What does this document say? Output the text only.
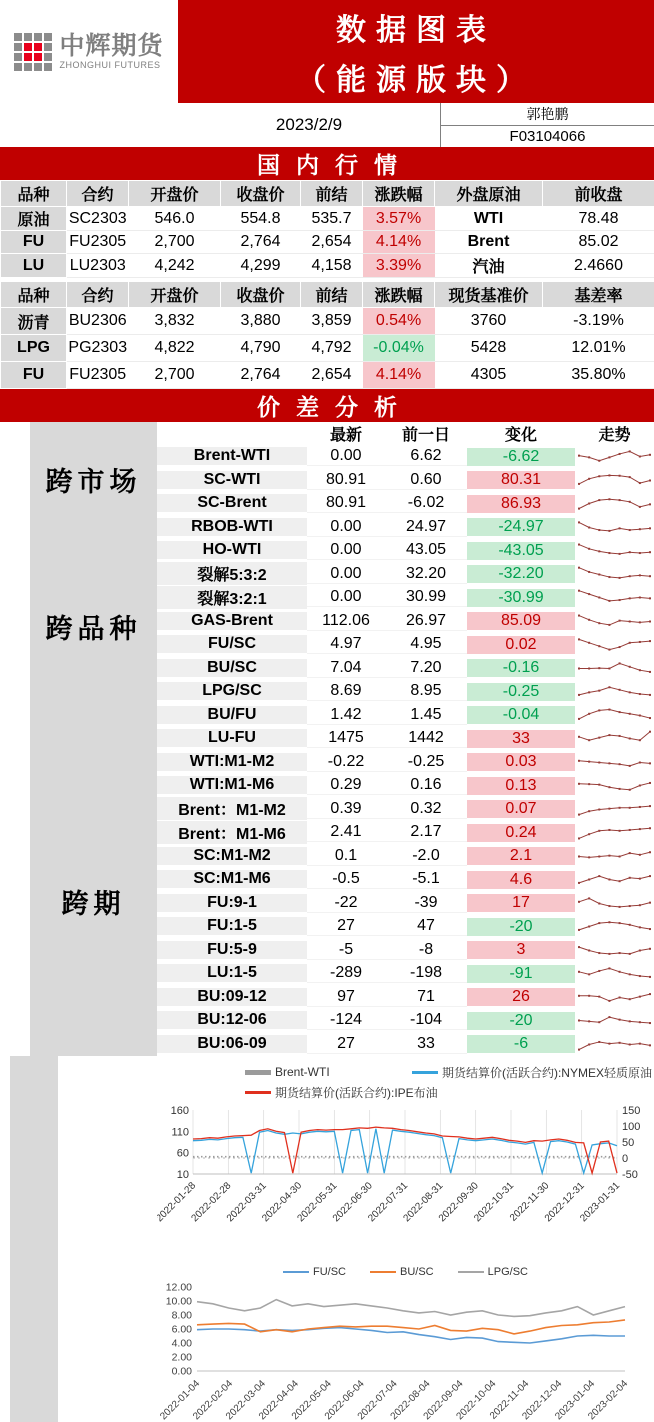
中辉期货
ZHONGHUI FUTURES
数据图表
（能源版块）
2023/2/9
郭艳鹏
F03104066
国内行情
品种	合约	开盘价	收盘价	前结	涨跌幅	外盘原油	前收盘
原油	SC2303	546.0	554.8	535.7	3.57%	WTI	78.48
FU	FU2305	2,700	2,764	2,654	4.14%	Brent	85.02
LU	LU2303	4,242	4,299	4,158	3.39%	汽油	2.4660
品种	合约	开盘价	收盘价	前结	涨跌幅	现货基准价	基差率
沥青	BU2306	3,832	3,880	3,859	0.54%	3760	-3.19%
LPG	PG2303	4,822	4,790	4,792	-0.04%	5428	12.01%
FU	FU2305	2,700	2,764	2,654	4.14%	4305	35.80%
价差分析
跨市场
跨品种
跨期
最新	前一日	变化	走势
Brent-WTI	0.00	6.62	-6.62
SC-WTI	80.91	0.60	80.31
SC-Brent	80.91	-6.02	86.93
RBOB-WTI	0.00	24.97	-24.97
HO-WTI	0.00	43.05	-43.05
裂解5:3:2	0.00	32.20	-32.20
裂解3:2:1	0.00	30.99	-30.99
GAS-Brent	112.06	26.97	85.09
FU/SC	4.97	4.95	0.02
BU/SC	7.04	7.20	-0.16
LPG/SC	8.69	8.95	-0.25
BU/FU	1.42	1.45	-0.04
LU-FU	1475	1442	33
WTI:M1-M2	-0.22	-0.25	0.03
WTI:M1-M6	0.29	0.16	0.13
Brent：M1-M2	0.39	0.32	0.07
Brent：M1-M6	2.41	2.17	0.24
SC:M1-M2	0.1	-2.0	2.1
SC:M1-M6	-0.5	-5.1	4.6
FU:9-1	-22	-39	17
FU:1-5	27	47	-20
FU:5-9	-5	-8	3
LU:1-5	-289	-198	-91
BU:09-12	97	71	26
BU:12-06	-124	-104	-20
BU:06-09	27	33	-6
Brent-WTI	期货结算价(活跃合约):NYMEX轻质原油
期货结算价(活跃合约):IPE布油
2022-01-28
2022-02-28
2022-03-31
2022-04-30
2022-05-31
2022-06-30
2022-07-31
2022-08-31
2022-09-30
2022-10-31
2022-11-30
2022-12-31
2023-01-31
160
110
60
10
150
100
50
0
-50
FU/SC	BU/SC	LPG/SC
12.00
10.00
8.00
6.00
4.00
2.00
0.00
2022-01-04
2022-02-04
2022-03-04
2022-04-04
2022-05-04
2022-06-04
2022-07-04
2022-08-04
2022-09-04
2022-10-04
2022-11-04
2022-12-04
2023-01-04
2023-02-04
